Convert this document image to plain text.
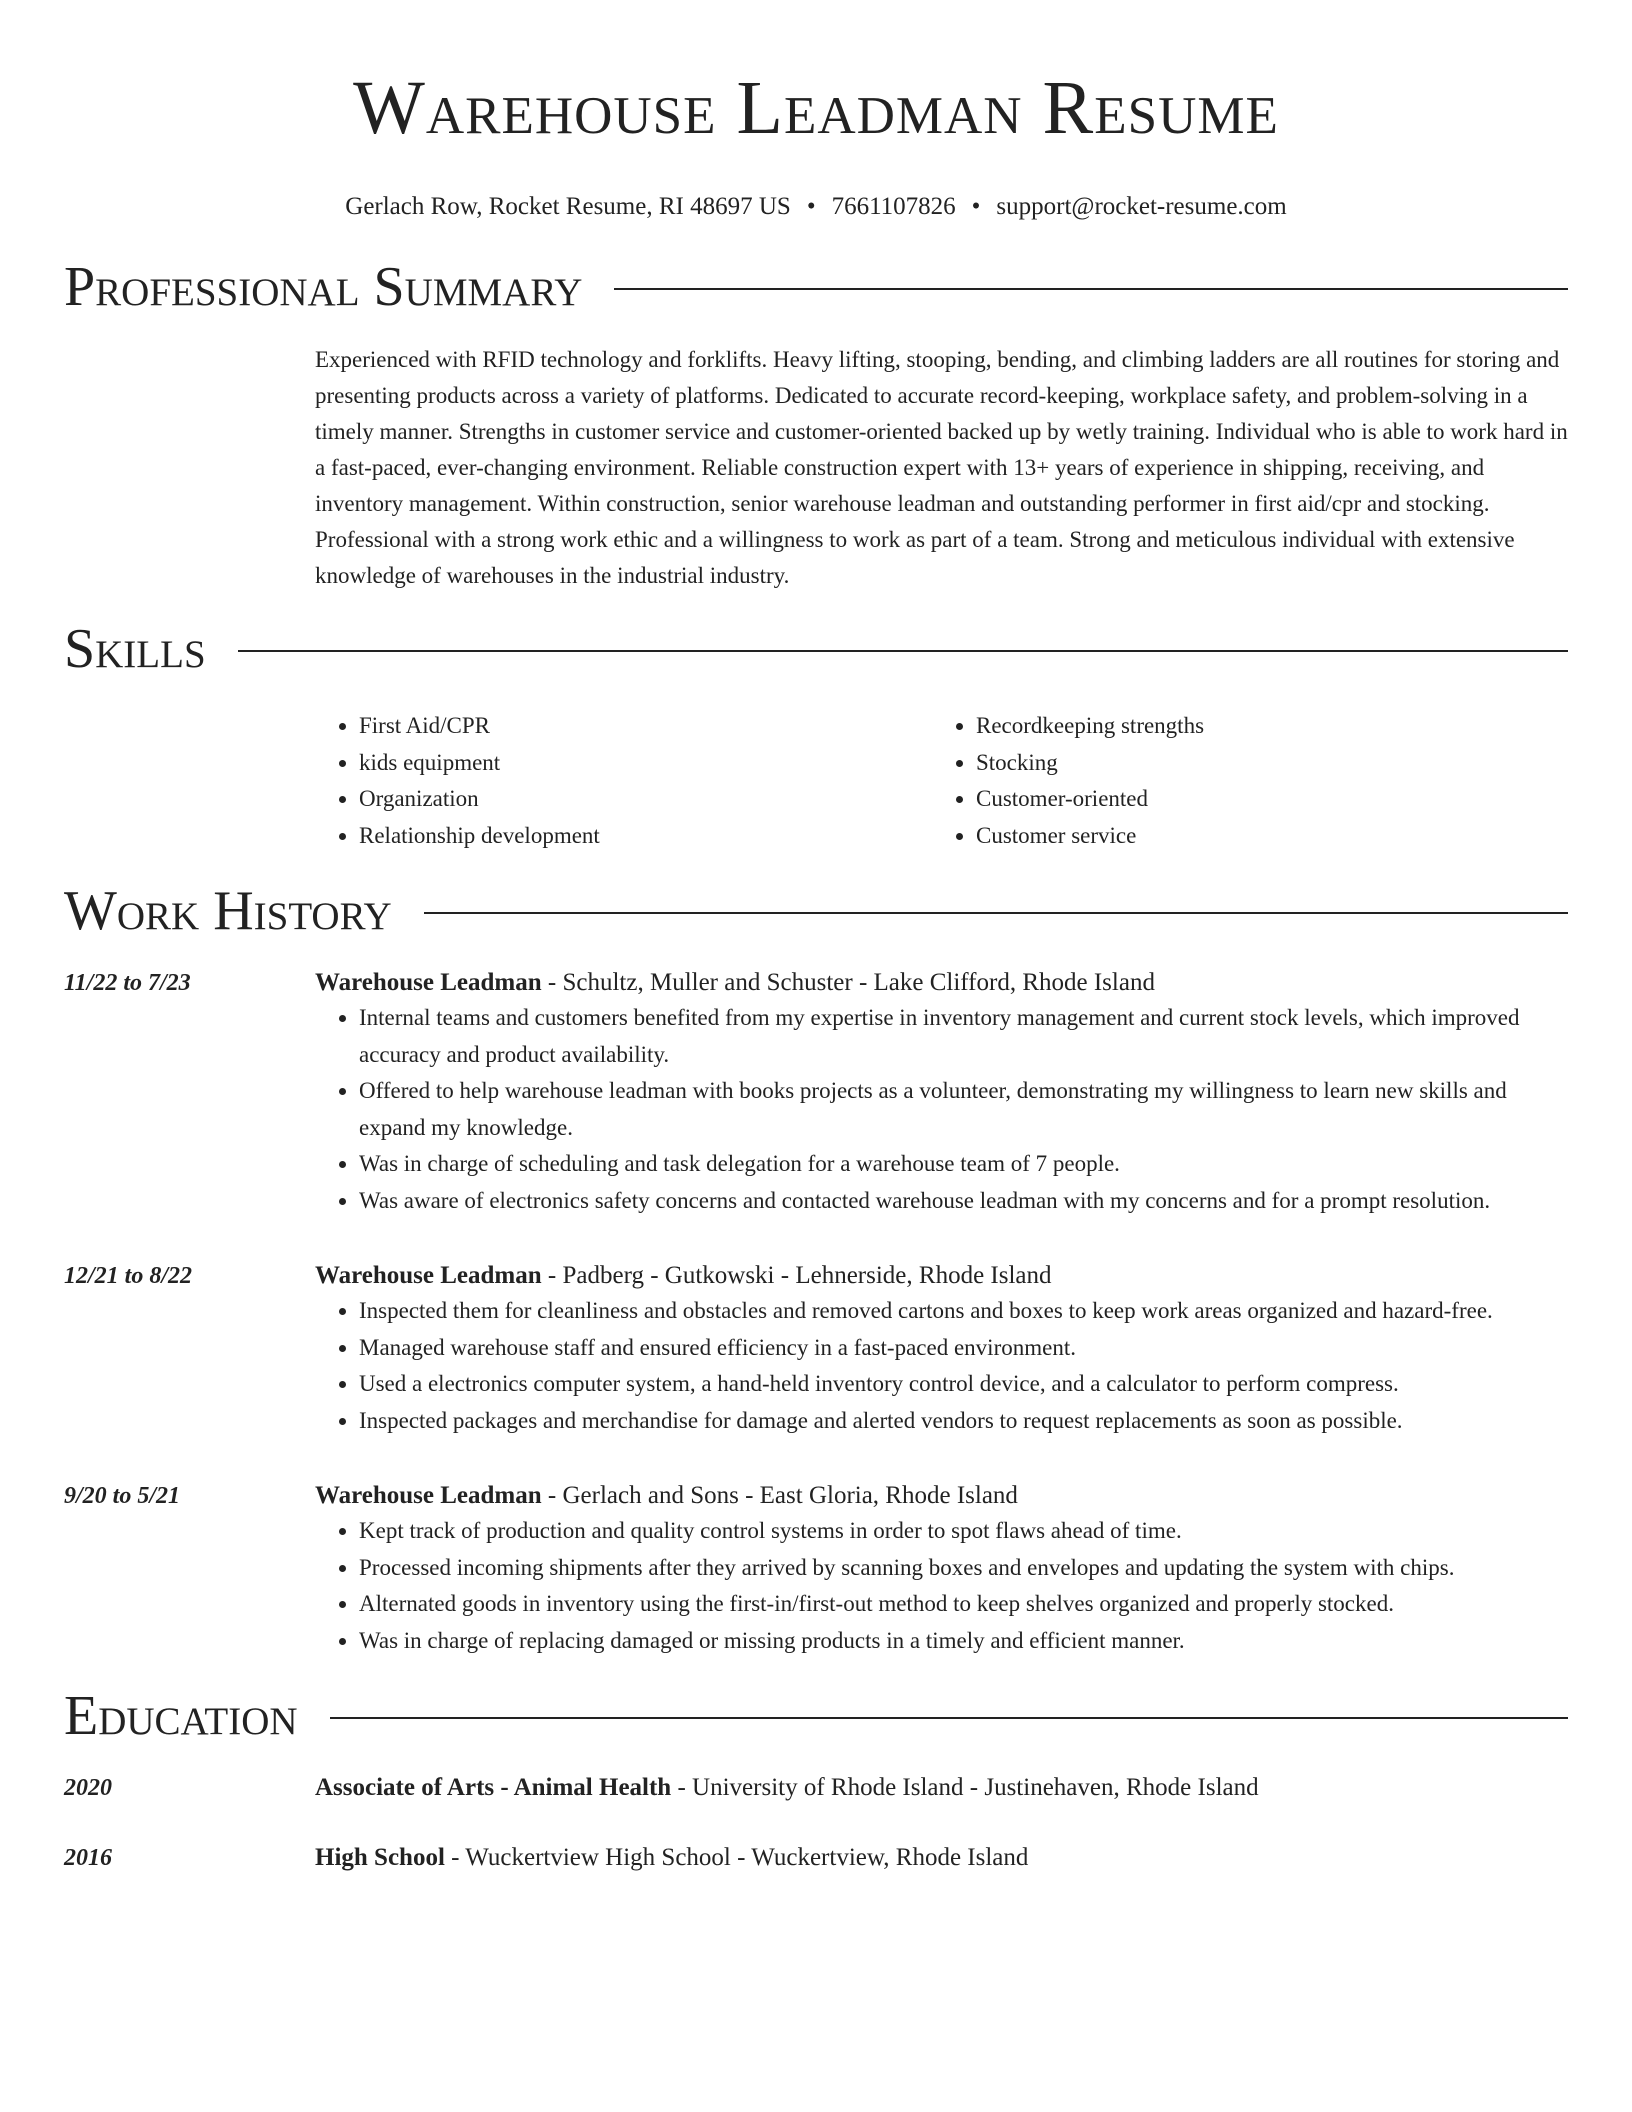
Warehouse Leadman Resume
Gerlach Row, Rocket Resume, RI 48697 US • 7661107826 • support@rocket-resume.com
Professional Summary
Experienced with RFID technology and forklifts. Heavy lifting, stooping, bending, and climbing ladders are all routines for storing and presenting products across a variety of platforms. Dedicated to accurate record-keeping, workplace safety, and problem-solving in a timely manner. Strengths in customer service and customer-oriented backed up by wetly training. Individual who is able to work hard in a fast-paced, ever-changing environment. Reliable construction expert with 13+ years of experience in shipping, receiving, and inventory management. Within construction, senior warehouse leadman and outstanding performer in first aid/cpr and stocking. Professional with a strong work ethic and a willingness to work as part of a team. Strong and meticulous individual with extensive knowledge of warehouses in the industrial industry.
Skills
• First Aid/CPR
• kids equipment
• Organization
• Relationship development
• Recordkeeping strengths
• Stocking
• Customer-oriented
• Customer service
Work History
11/22 to 7/23	Warehouse Leadman - Schultz, Muller and Schuster - Lake Clifford, Rhode Island
• Internal teams and customers benefited from my expertise in inventory management and current stock levels, which improved accuracy and product availability.
• Offered to help warehouse leadman with books projects as a volunteer, demonstrating my willingness to learn new skills and expand my knowledge.
• Was in charge of scheduling and task delegation for a warehouse team of 7 people.
• Was aware of electronics safety concerns and contacted warehouse leadman with my concerns and for a prompt resolution.
12/21 to 8/22	Warehouse Leadman - Padberg - Gutkowski - Lehnerside, Rhode Island
• Inspected them for cleanliness and obstacles and removed cartons and boxes to keep work areas organized and hazard-free.
• Managed warehouse staff and ensured efficiency in a fast-paced environment.
• Used a electronics computer system, a hand-held inventory control device, and a calculator to perform compress.
• Inspected packages and merchandise for damage and alerted vendors to request replacements as soon as possible.
9/20 to 5/21	Warehouse Leadman - Gerlach and Sons - East Gloria, Rhode Island
• Kept track of production and quality control systems in order to spot flaws ahead of time.
• Processed incoming shipments after they arrived by scanning boxes and envelopes and updating the system with chips.
• Alternated goods in inventory using the first-in/first-out method to keep shelves organized and properly stocked.
• Was in charge of replacing damaged or missing products in a timely and efficient manner.
Education
2020	Associate of Arts - Animal Health - University of Rhode Island - Justinehaven, Rhode Island
2016	High School - Wuckertview High School - Wuckertview, Rhode Island
